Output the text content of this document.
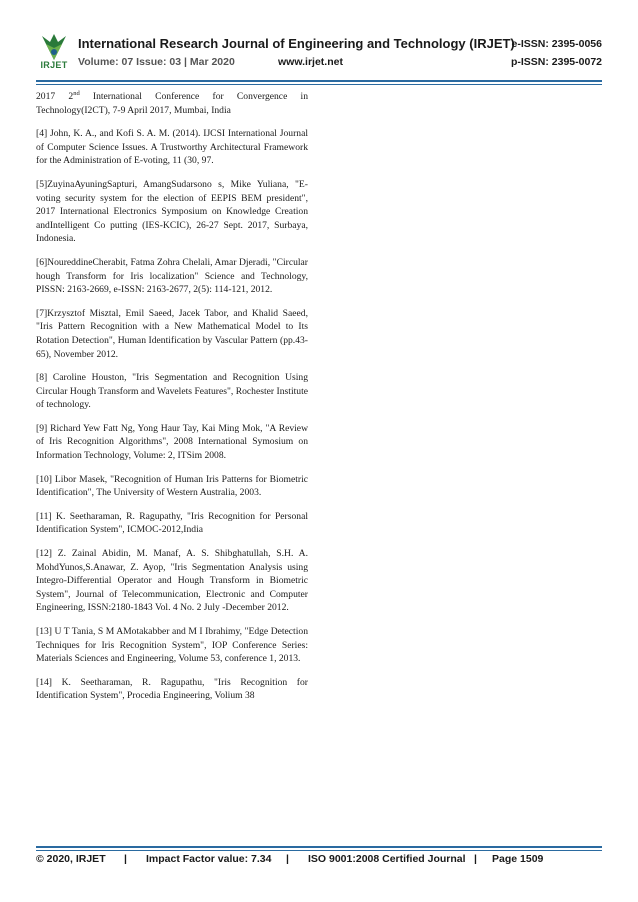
IRJET
International Research Journal of Engineering and Technology (IRJET)
e-ISSN: 2395-0056
Volume: 07 Issue: 03 | Mar 2020	www.irjet.net	p-ISSN: 2395-0072

2017 2nd International Conference for Convergence in Technology(I2CT), 7-9 April 2017, Mumbai, India

[4] John, K. A., and Kofi S. A. M. (2014). IJCSI International Journal of Computer Science Issues. A Trustworthy Architectural Framework for the Administration of E-voting, 11 (30, 97.

[5]ZuyinaAyuningSapturi, AmangSudarsono s, Mike Yuliana, "E-voting security system for the election of EEPIS BEM president", 2017 International Electronics Symposium on Knowledge Creation andIntelligent Co putting (IES-KCIC), 26-27 Sept. 2017, Surbaya, Indonesia.

[6]NoureddineCherabit, Fatma Zohra Chelali, Amar Djeradi, "Circular hough Transform for Iris localization" Science and Technology, PISSN: 2163-2669, e-ISSN: 2163-2677, 2(5): 114-121, 2012.

[7]Krzysztof Misztal, Emil Saeed, Jacek Tabor, and Khalid Saeed, "Iris Pattern Recognition with a New Mathematical Model to Its Rotation Detection", Human Identification by Vascular Pattern (pp.43-65), November 2012.

[8] Caroline Houston, "Iris Segmentation and Recognition Using Circular Hough Transform and Wavelets Features", Rochester Institute of technology.

[9] Richard Yew Fatt Ng, Yong Haur Tay, Kai Ming Mok, "A Review of Iris Recognition Algorithms", 2008 International Symosium on Information Technology, Volume: 2, ITSim 2008.

[10] Libor Masek, "Recognition of Human Iris Patterns for Biometric Identification", The University of Western Australia, 2003.

[11] K. Seetharaman, R. Ragupathy, "Iris Recognition for Personal Identification System", ICMOC-2012,India

[12] Z. Zainal Abidin, M. Manaf, A. S. Shibghatullah, S.H. A. MohdYunos,S.Anawar, Z. Ayop, "Iris Segmentation Analysis using Integro-Differential Operator and Hough Transform in Biometric System", Journal of Telecommunication, Electronic and Computer Engineering, ISSN:2180-1843 Vol. 4 No. 2 July -December 2012.

[13] U T Tania, S M AMotakabber and M I Ibrahimy, "Edge Detection Techniques for Iris Recognition System", IOP Conference Series: Materials Sciences and Engineering, Volume 53, conference 1, 2013.

[14] K. Seetharaman, R. Ragupathu, "Iris Recognition for Identification System", Procedia Engineering, Volium 38

© 2020, IRJET | Impact Factor value: 7.34 | ISO 9001:2008 Certified Journal | Page 1509
